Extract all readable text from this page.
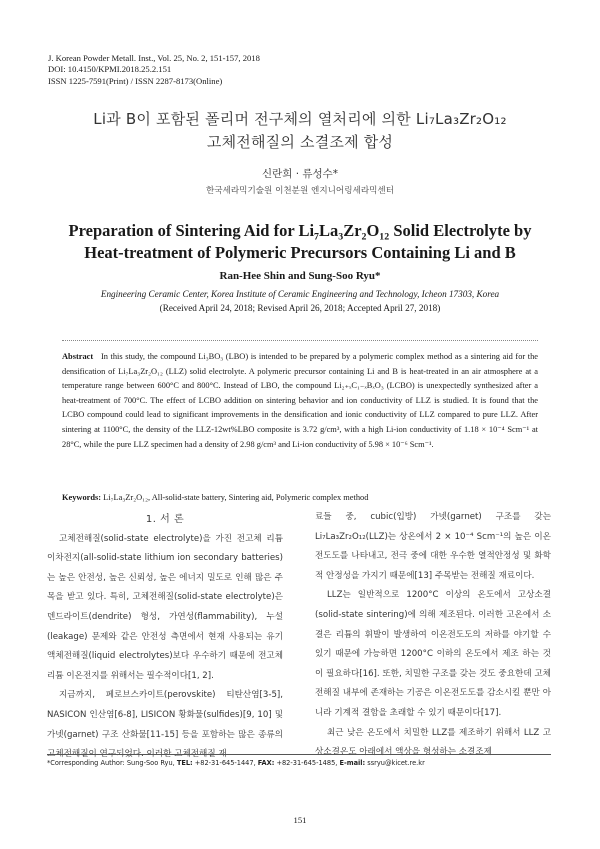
J. Korean Powder Metall. Inst., Vol. 25, No. 2, 151-157, 2018
DOI: 10.4150/KPMI.2018.25.2.151
ISSN 1225-7591(Print) / ISSN 2287-8173(Online)
Li과 B이 포함된 폴리머 전구체의 열처리에 의한 Li₇La₃Zr₂O₁₂
고체전해질의 소결조제 합성
신란희 · 류성수*
한국세라믹기술원 이천분원 엔지니어링세라믹센터
Preparation of Sintering Aid for Li₇La₃Zr₂O₁₂ Solid Electrolyte by
Heat-treatment of Polymeric Precursors Containing Li and B
Ran-Hee Shin and Sung-Soo Ryu*
Engineering Ceramic Center, Korea Institute of Ceramic Engineering and Technology, Icheon 17303, Korea
(Received April 24, 2018; Revised April 26, 2018; Accepted April 27, 2018)
Abstract In this study, the compound Li₃BO₃ (LBO) is intended to be prepared by a polymeric complex method as a sintering aid for the densification of Li₇La₃Zr₂O₁₂ (LLZ) solid electrolyte. A polymeric precursor containing Li and B is heat-treated in an air atmosphere at a temperature range between 600°C and 800°C. Instead of LBO, the compound Li₂₊ₓC₁₋ₓBₓO₃ (LCBO) is unexpectedly synthesized after a heat-treatment of 700°C. The effect of LCBO addition on sintering behavior and ion conductivity of LLZ is studied. It is found that the LCBO compound could lead to significant improvements in the densification and ionic conductivity of LLZ compared to pure LLZ. After sintering at 1100°C, the density of the LLZ-12wt%LBO composite is 3.72 g/cm³, with a high Li-ion conductivity of 1.18 × 10⁻⁴ Scm⁻¹ at 28°C, while the pure LLZ specimen had a density of 2.98 g/cm³ and Li-ion conductivity of 5.98 × 10⁻⁶ Scm⁻¹.
Keywords: Li₇La₃Zr₂O₁₂, All-solid-state battery, Sintering aid, Polymeric complex method

1. 서 론

고체전해질(solid-state electrolyte)을 가진 전고체 리튬 이차전지(all-solid-state lithium ion secondary batteries)는 높은 안전성, 높은 신뢰성, 높은 에너지 밀도로 인해 많은 주목을 받고 있다. 특히, 고체전해질(solid-state electrolyte)은 덴드라이트(dendrite) 형성, 가연성(flammability), 누설(leakage) 문제와 같은 안전성 측면에서 현재 사용되는 유기 액체전해질(liquid electrolytes)보다 우수하기 때문에 전고체 리튬 이온전지를 위해서는 필수적이다[1, 2].

지금까지, 페로브스카이트(perovskite) 티탄산염[3-5], NASICON 인산염[6-8], LISICON 황화물(sulfides)[9, 10] 및 가넷(garnet) 구조 산화물[11-15] 등을 포함하는 많은 종류의 고체전해질이 연구되었다. 이러한 고체전해질 재

료들 중, cubic(입방) 가넷(garnet) 구조를 갖는 Li₇La₃Zr₂O₁₂(LLZ)는 상온에서 2 × 10⁻⁴ Scm⁻¹의 높은 이온전도도를 나타내고, 전극 중에 대한 우수한 열적안정성 및 화학적 안정성을 가지기 때문에[13] 주목받는 전해질 재료이다.

LLZ는 일반적으로 1200°C 이상의 온도에서 고상소결(solid-state sintering)에 의해 제조된다. 이러한 고온에서 소결은 리튬의 휘발이 발생하여 이온전도도의 저하를 야기할 수 있기 때문에 가능하면 1200°C 이하의 온도에서 제조 하는 것이 필요하다[16]. 또한, 치밀한 구조를 갖는 것도 중요한데 고체 전해질 내부에 존재하는 기공은 이온전도도를 감소시킬 뿐만 아니라 기계적 결함을 초래할 수 있기 때문이다[17].

최근 낮은 온도에서 치밀한 LLZ를 제조하기 위해서 LLZ 고상소결온도 아래에서 액상을 형성하는 소결조제

*Corresponding Author: Sung-Soo Ryu, TEL: +82-31-645-1447, FAX: +82-31-645-1485, E-mail: ssryu@kicet.re.kr
151
